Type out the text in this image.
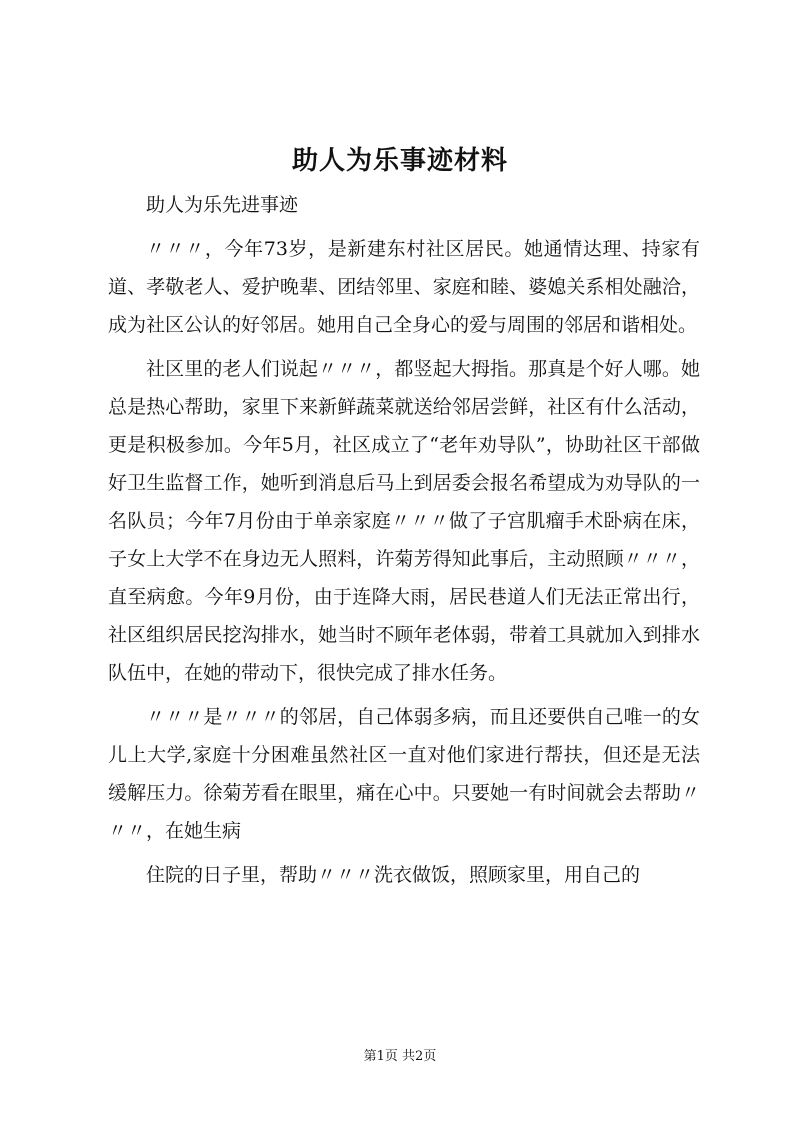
助人为乐事迹材料

助人为乐先进事迹

〃〃〃，今年73岁，是新建东村社区居民。她通情达理、持家有道、孝敬老人、爱护晚辈、团结邻里、家庭和睦、婆媳关系相处融洽，成为社区公认的好邻居。她用自己全身心的爱与周围的邻居和谐相处。

社区里的老人们说起〃〃〃，都竖起大拇指。那真是个好人哪。她总是热心帮助，家里下来新鲜蔬菜就送给邻居尝鲜，社区有什么活动，更是积极参加。今年5月，社区成立了“老年劝导队”，协助社区干部做好卫生监督工作，她听到消息后马上到居委会报名希望成为劝导队的一名队员；今年7月份由于单亲家庭〃〃〃做了子宫肌瘤手术卧病在床，子女上大学不在身边无人照料，许菊芳得知此事后，主动照顾〃〃〃，直至病愈。今年9月份，由于连降大雨，居民巷道人们无法正常出行，社区组织居民挖沟排水，她当时不顾年老体弱，带着工具就加入到排水队伍中，在她的带动下，很快完成了排水任务。

〃〃〃是〃〃〃的邻居，自己体弱多病，而且还要供自己唯一的女儿上大学,家庭十分困难虽然社区一直对他们家进行帮扶，但还是无法缓解压力。徐菊芳看在眼里，痛在心中。只要她一有时间就会去帮助〃〃〃，在她生病

住院的日子里，帮助〃〃〃洗衣做饭，照顾家里，用自己的

第1页 共2页
